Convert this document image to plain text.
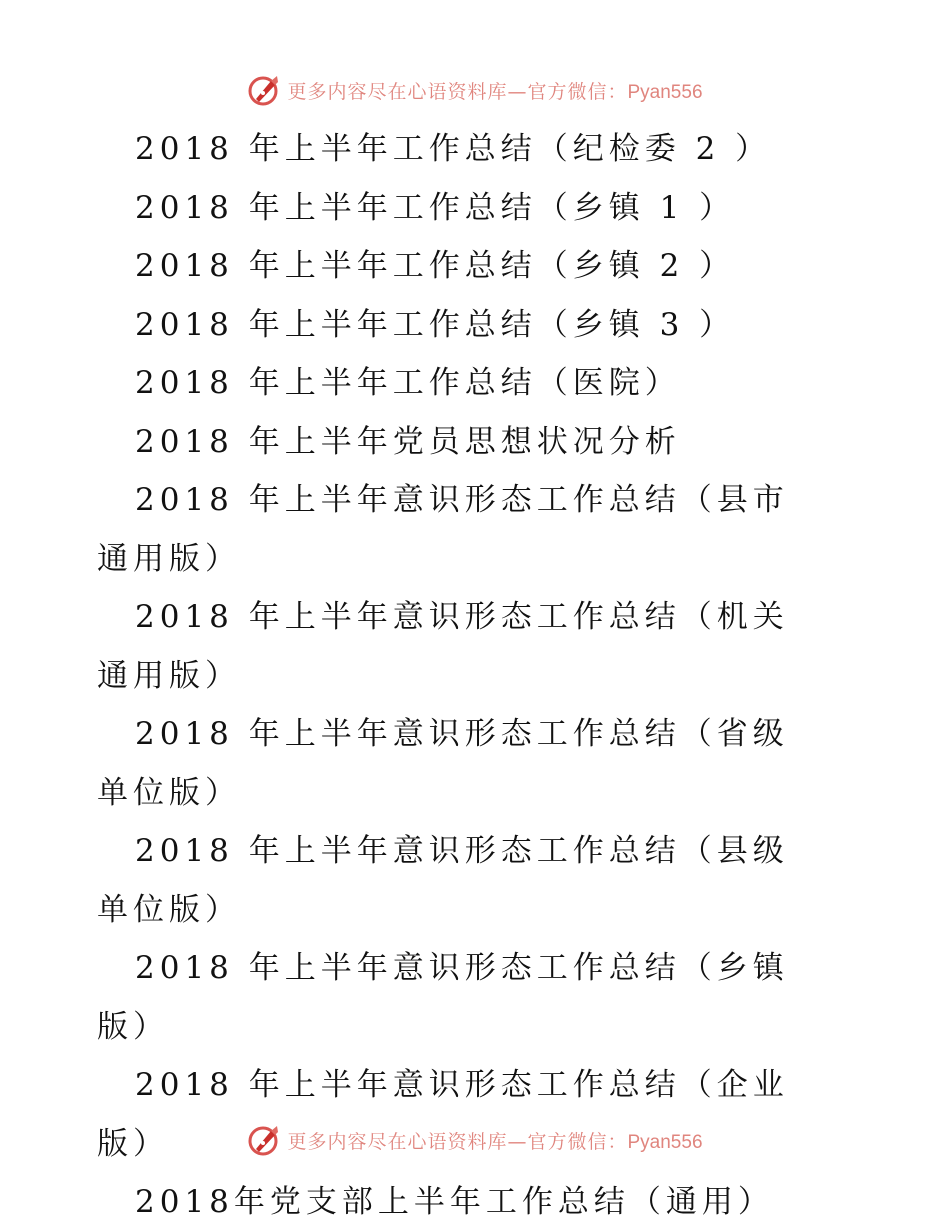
更多内容尽在心语资料库—官方微信：Pyan556
2018 年上半年工作总结（纪检委 2 ）
2018 年上半年工作总结（乡镇 1 ）
2018 年上半年工作总结（乡镇 2 ）
2018 年上半年工作总结（乡镇 3 ）
2018 年上半年工作总结（医院）
2018 年上半年党员思想状况分析
2018 年上半年意识形态工作总结（县市通用版）
2018 年上半年意识形态工作总结（机关通用版）
2018 年上半年意识形态工作总结（省级单位版）
2018 年上半年意识形态工作总结（县级单位版）
2018 年上半年意识形态工作总结（乡镇版）
2018 年上半年意识形态工作总结（企业版）
2018年党支部上半年工作总结（通用）
更多内容尽在心语资料库—官方微信：Pyan556
